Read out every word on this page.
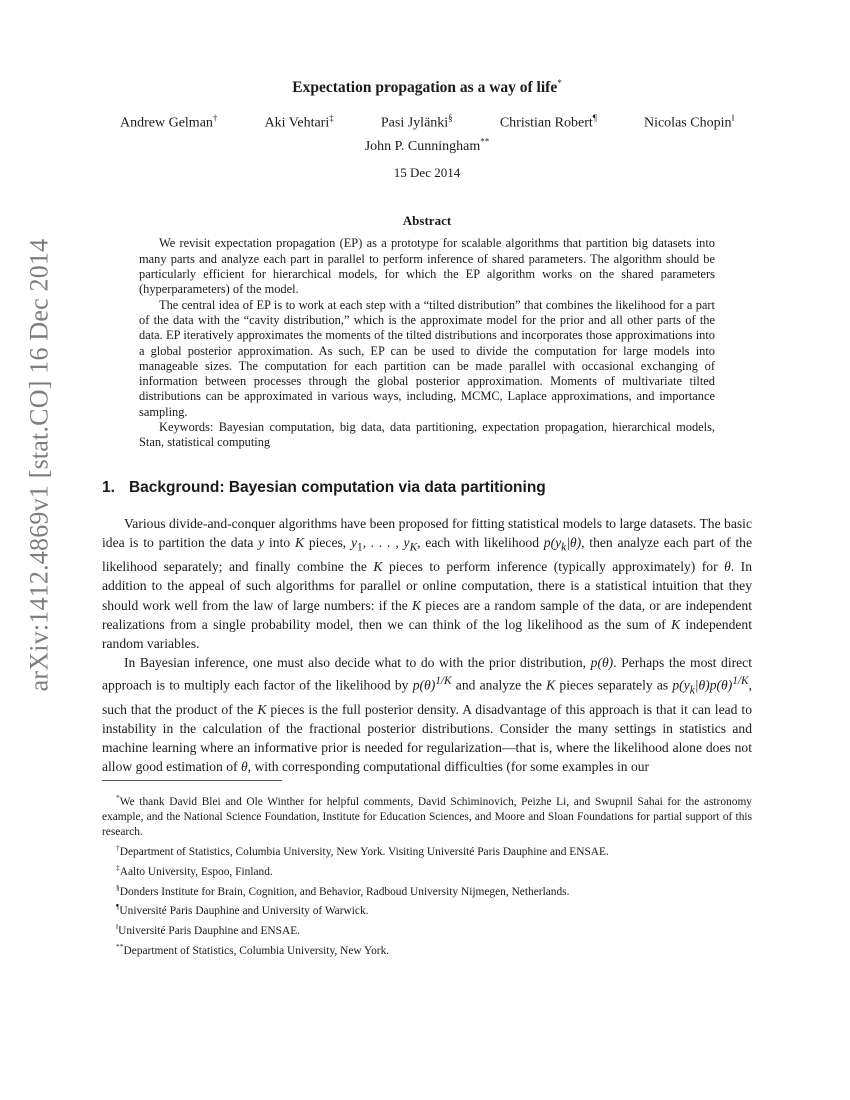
arXiv:1412.4869v1 [stat.CO] 16 Dec 2014
Expectation propagation as a way of life*
Andrew Gelman†	Aki Vehtari‡	Pasi Jylänki§	Christian Robert¶	Nicolas Chopin‖
John P. Cunningham**
15 Dec 2014
Abstract

We revisit expectation propagation (EP) as a prototype for scalable algorithms that partition big datasets into many parts and analyze each part in parallel to perform inference of shared parameters. The algorithm should be particularly efficient for hierarchical models, for which the EP algorithm works on the shared parameters (hyperparameters) of the model.

The central idea of EP is to work at each step with a “tilted distribution” that combines the likelihood for a part of the data with the “cavity distribution,” which is the approximate model for the prior and all other parts of the data. EP iteratively approximates the moments of the tilted distributions and incorporates those approximations into a global posterior approximation. As such, EP can be used to divide the computation for large models into manageable sizes. The computation for each partition can be made parallel with occasional exchanging of information between processes through the global posterior approximation. Moments of multivariate tilted distributions can be approximated in various ways, including, MCMC, Laplace approximations, and importance sampling.

Keywords: Bayesian computation, big data, data partitioning, expectation propagation, hierarchical models, Stan, statistical computing

1. Background: Bayesian computation via data partitioning

Various divide-and-conquer algorithms have been proposed for fitting statistical models to large datasets. The basic idea is to partition the data y into K pieces, $y_1$, . . . , $y_K$, each with likelihood $p(y_k|\theta)$, then analyze each part of the likelihood separately; and finally combine the K pieces to perform inference (typically approximately) for θ. In addition to the appeal of such algorithms for parallel or online computation, there is a statistical intuition that they should work well from the law of large numbers: if the K pieces are a random sample of the data, or are independent realizations from a single probability model, then we can think of the log likelihood as the sum of K independent random variables.

In Bayesian inference, one must also decide what to do with the prior distribution, p(θ). Perhaps the most direct approach is to multiply each factor of the likelihood by $p(\theta)^{1/K}$ and analyze the K pieces separately as $p(y_k|\theta)p(\theta)^{1/K}$, such that the product of the K pieces is the full posterior density. A disadvantage of this approach is that it can lead to instability in the calculation of the fractional posterior distributions. Consider the many settings in statistics and machine learning where an informative prior is needed for regularization—that is, where the likelihood alone does not allow good estimation of θ, with corresponding computational difficulties (for some examples in our

*We thank David Blei and Ole Winther for helpful comments, David Schiminovich, Peizhe Li, and Swupnil Sahai for the astronomy example, and the National Science Foundation, Institute for Education Sciences, and Moore and Sloan Foundations for partial support of this research.

†Department of Statistics, Columbia University, New York. Visiting Université Paris Dauphine and ENSAE.

‡Aalto University, Espoo, Finland.

§Donders Institute for Brain, Cognition, and Behavior, Radboud University Nijmegen, Netherlands.

¶Université Paris Dauphine and University of Warwick.

‖Université Paris Dauphine and ENSAE.

**Department of Statistics, Columbia University, New York.
